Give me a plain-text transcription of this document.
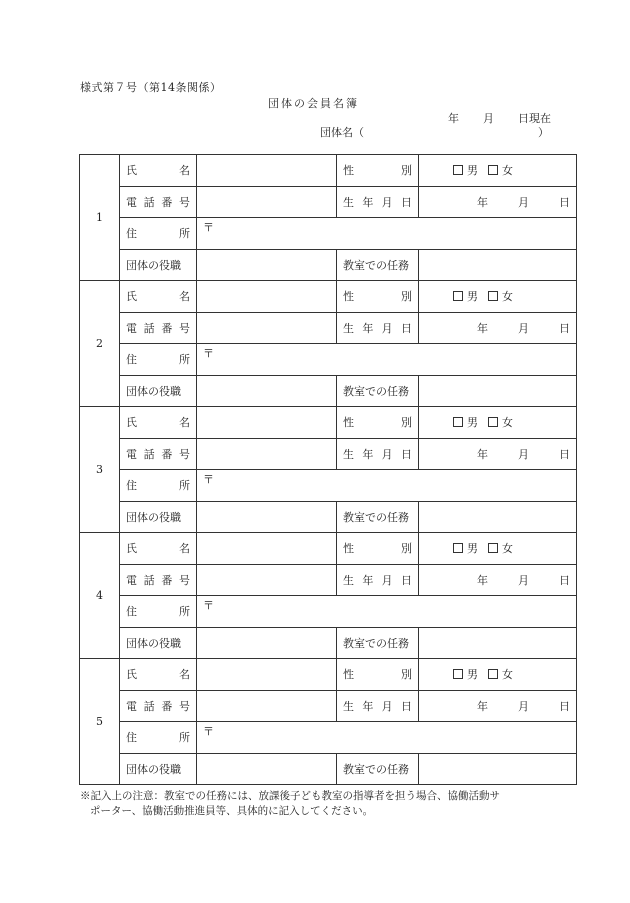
様式第７号（第14条関係）
団体の会員名簿
年 月 日現在
団体名（	）
1	氏 名		性 別	男 女

	電 話 番 号		生 年 月 日	年 月 日

	住 所	〒		
	団体の役職		教室での任務	
2	氏 名		性 別	男 女

	電 話 番 号		生 年 月 日	年 月 日

	住 所	〒		
	団体の役職		教室での任務	
3	氏 名		性 別	男 女

	電 話 番 号		生 年 月 日	年 月 日

	住 所	〒		
	団体の役職		教室での任務	
4	氏 名		性 別	男 女

	電 話 番 号		生 年 月 日	年 月 日

	住 所	〒		
	団体の役職		教室での任務	
5	氏 名		性 別	男 女

	電 話 番 号		生 年 月 日	年 月 日

	住 所	〒		
	団体の役職		教室での任務	
※記入上の注意：教室での任務には、放課後子ども教室の指導者を担う場合、協働活動サ
ポーター、協働活動推進員等、具体的に記入してください。
